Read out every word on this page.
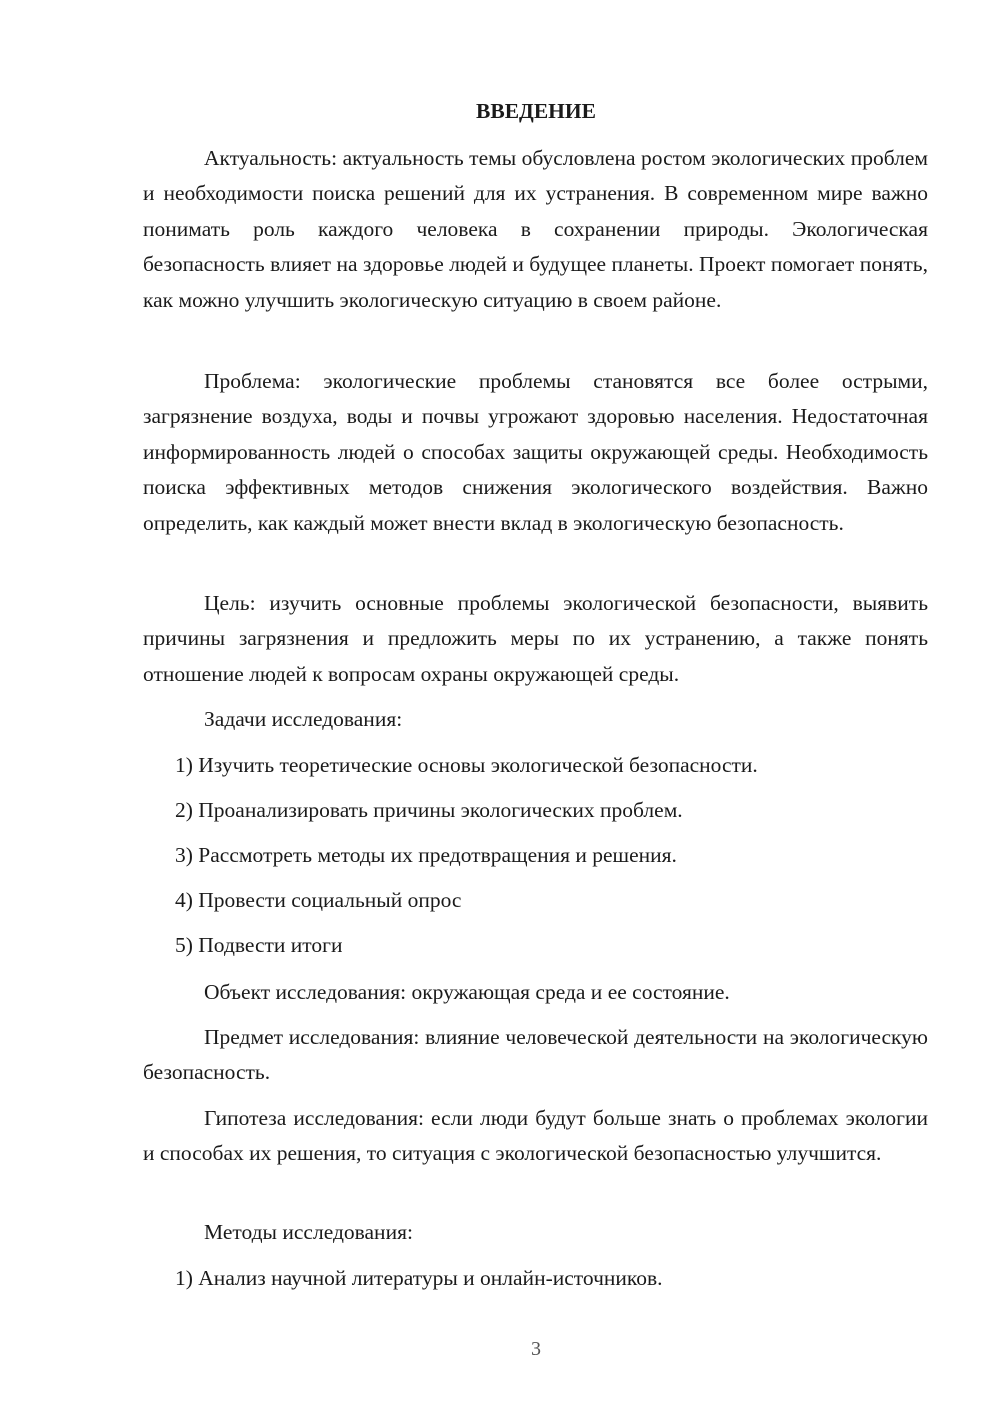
ВВЕДЕНИЕ

Актуальность: актуальность темы обусловлена ростом экологических проблем и необходимости поиска решений для их устранения. В современном мире важно понимать роль каждого человека в сохранении природы. Экологическая безопасность влияет на здоровье людей и будущее планеты. Проект помогает понять, как можно улучшить экологическую ситуацию в своем районе.

Проблема: экологические проблемы становятся все более острыми, загрязнение воздуха, воды и почвы угрожают здоровью населения. Недостаточная информированность людей о способах защиты окружающей среды. Необходимость поиска эффективных методов снижения экологического воздействия. Важно определить, как каждый может внести вклад в экологическую безопасность.

Цель: изучить основные проблемы экологической безопасности, выявить причины загрязнения и предложить меры по их устранению, а также понять отношение людей к вопросам охраны окружающей среды.

Задачи исследования:

1) Изучить теоретические основы экологической безопасности.

2) Проанализировать причины экологических проблем.

3) Рассмотреть методы их предотвращения и решения.

4) Провести социальный опрос

5) Подвести итоги

Объект исследования: окружающая среда и ее состояние.

Предмет исследования: влияние человеческой деятельности на экологическую безопасность.

Гипотеза исследования: если люди будут больше знать о проблемах экологии и способах их решения, то ситуация с экологической безопасностью улучшится.

Методы исследования:

1) Анализ научной литературы и онлайн-источников.

3
